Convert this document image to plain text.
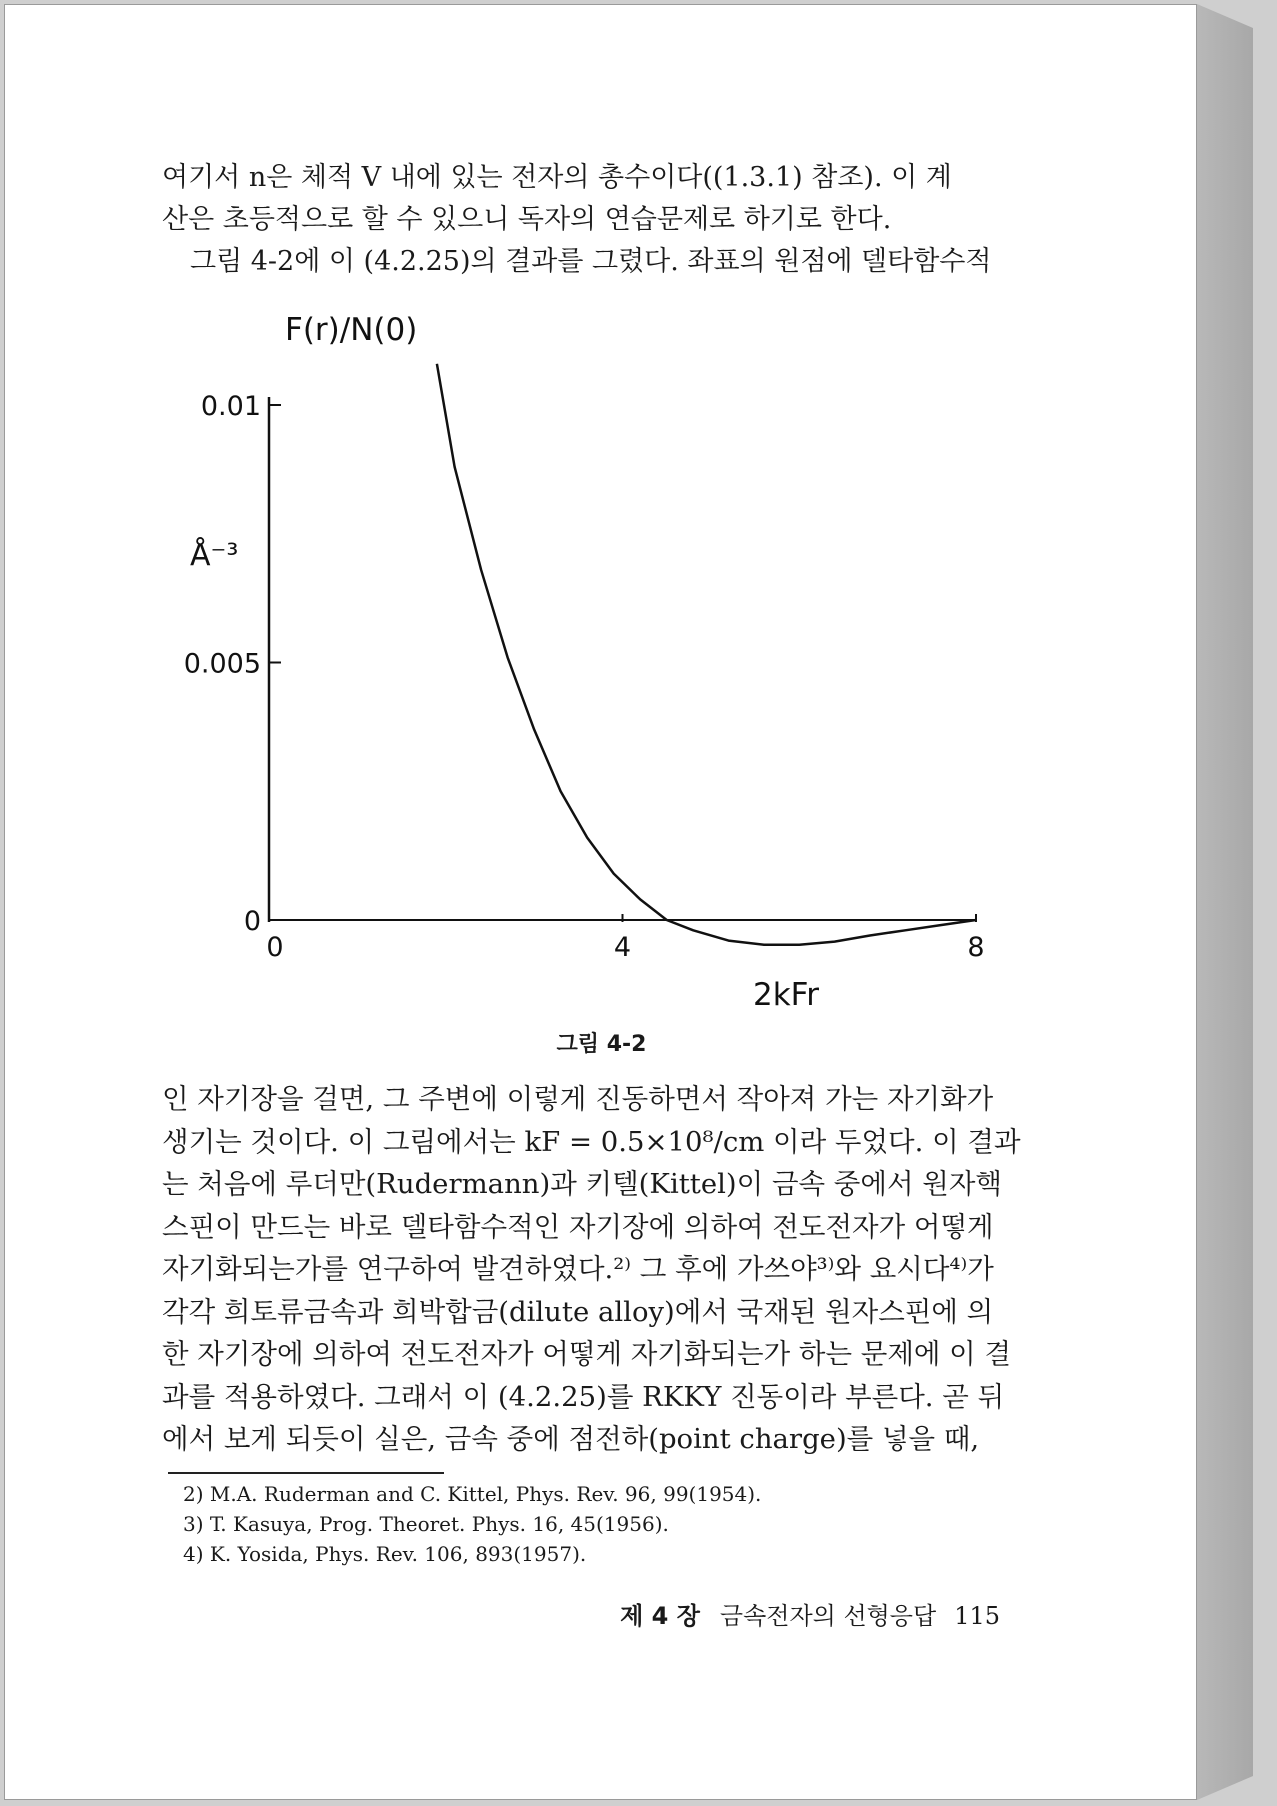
여기서 n은 체적 V 내에 있는 전자의 총수이다((1.3.1) 참조). 이 계

산은 초등적으로 할 수 있으니 독자의 연습문제로 하기로 한다.

그림 4-2에 이 (4.2.25)의 결과를 그렸다. 좌표의 원점에 델타함수적

0.01
0.005
0
0	4	8
F(r)/N(0)
Å⁻³
2kFr
그림 4-2

인 자기장을 걸면, 그 주변에 이렇게 진동하면서 작아져 가는 자기화가

생기는 것이다. 이 그림에서는 kF = 0.5×10⁸/cm 이라 두었다. 이 결과

는 처음에 루더만(Rudermann)과 키텔(Kittel)이 금속 중에서 원자핵

스핀이 만드는 바로 델타함수적인 자기장에 의하여 전도전자가 어떻게

자기화되는가를 연구하여 발견하였다.²⁾ 그 후에 가쓰야³⁾와 요시다⁴⁾가

각각 희토류금속과 희박합금(dilute alloy)에서 국재된 원자스핀에 의

한 자기장에 의하여 전도전자가 어떻게 자기화되는가 하는 문제에 이 결

과를 적용하였다. 그래서 이 (4.2.25)를 RKKY 진동이라 부른다. 곧 뒤

에서 보게 되듯이 실은, 금속 중에 점전하(point charge)를 넣을 때,

2) M.A. Ruderman and C. Kittel, Phys. Rev. 96, 99(1954).
3) T. Kasuya, Prog. Theoret. Phys. 16, 45(1956).
4) K. Yosida, Phys. Rev. 106, 893(1957).
제 4 장 금속전자의 선형응답 115
